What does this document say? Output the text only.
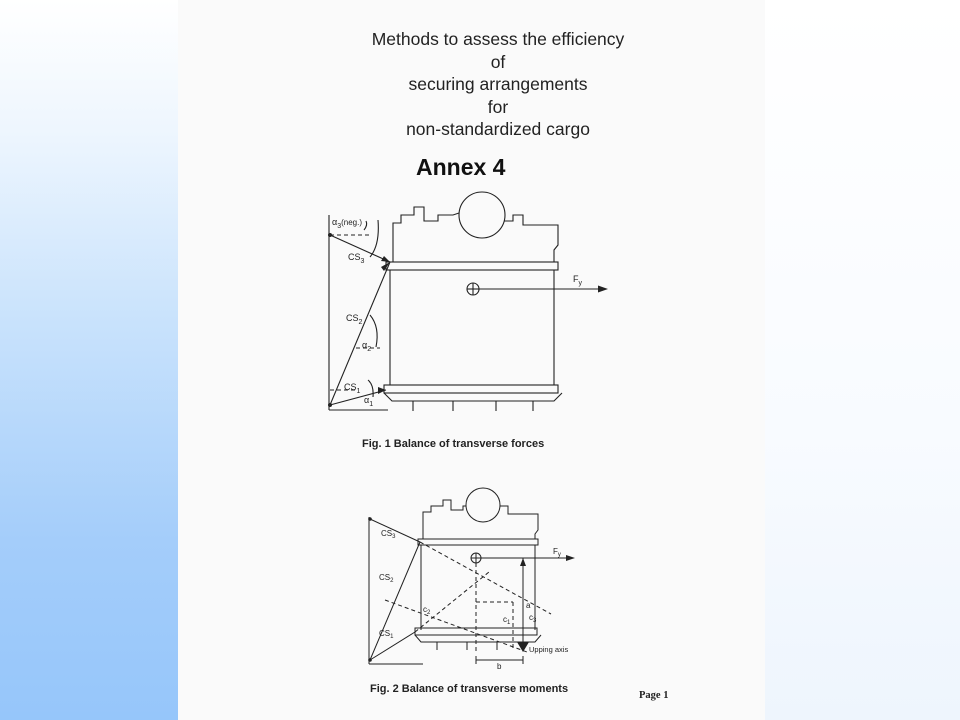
Methods to assess the efficiency
of
securing arrangements
for
non-standardized cargo
Annex 4
$\alpha_3(neg.)$
$CS_3$
$CS_2$
$\alpha_2$
$CS_1$
$\alpha_1$
$F_y$
Fig. 1 Balance of transverse forces
$CS_3$
$CS_2$
$CS_1$
$F_y$
$c_2$
$c_1$
$c_3$
a
b
Upping axis
Fig. 2 Balance of transverse moments
Page 1
